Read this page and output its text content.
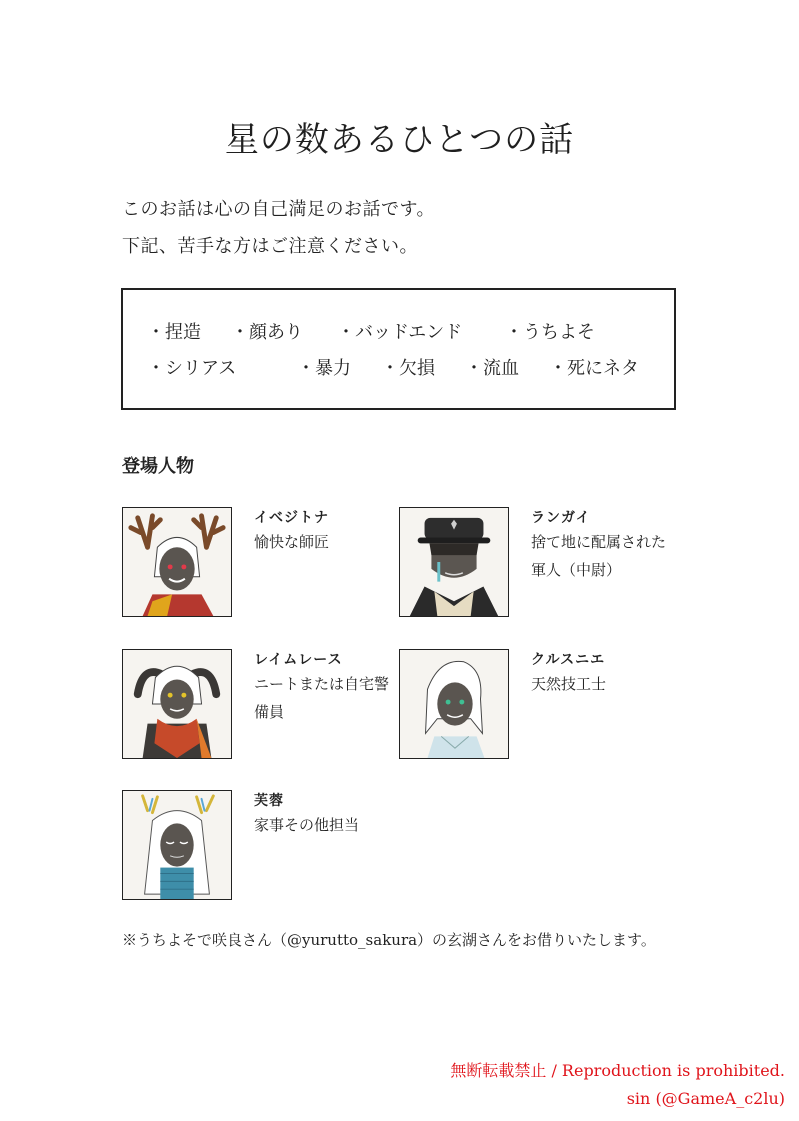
星の数あるひとつの話
このお話は心の自己満足のお話です。
下記、苦手な方はご注意ください。
・捏造 ・顔あり ・バッドエンド ・うちよそ
・シリアス	・暴力 ・欠損 ・流血 ・死にネタ
登場人物
イベジトナ
愉快な師匠
ランガイ
捨て地に配属された軍人（中尉）
レイムレース
ニートまたは自宅警備員
クルスニエ
天然技工士
芙蓉
家事その他担当
※うちよそで咲良さん（@yurutto_sakura）の玄湖さんをお借りいたします。
無断転載禁止 / Reproduction is prohibited.
sin (@GameA_c2lu)
